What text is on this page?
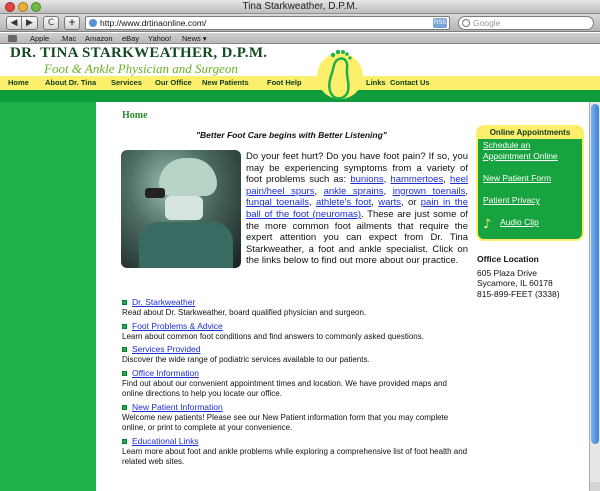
Tina Starkweather, D.P.M.
◀ ▶	C	+	http://www.drtinaonline.com/	RSS	Google
Apple .Mac Amazon eBay Yahoo! News ▾
DR. TINA STARKWEATHER, D.P.M.
Foot & Ankle Physician and Surgeon
Home About Dr. Tina Services Our Office New Patients Foot Help	Links Contact Us
Home
"Better Foot Care begins with Better Listening"
Do your feet hurt? Do you have foot pain? If so, you may be experiencing symptoms from a variety of foot problems such as: bunions, hammertoes, heel pain/heel spurs, ankle sprains, ingrown toenails, fungal toenails, athlete's foot, warts, or pain in the ball of the foot (neuromas). These are just some of the more common foot ailments that require the expert attention you can expect from Dr. Tina Starkweather, a foot and ankle specialist. Click on the links below to find out more about our practice.
Dr. Starkweather
Read about Dr. Starkweather, board qualified physician and surgeon.
Foot Problems & Advice
Learn about common foot conditions and find answers to commonly asked questions.
Services Provided
Discover the wide range of podiatric services available to our patients.
Office Information
Find out about our convenient appointment times and location. We have provided maps and online directions to help you locate our office.
New Patient Information
Welcome new patients! Please see our New Patient information form that you may complete online, or print to complete at your convenience.
Educational Links
Learn more about foot and ankle problems while exploring a comprehensive list of foot health and related web sites.
Online Appointments
Schedule an Appointment Online
New Patient Form
Patient Privacy
♪ Audio Clip
Office Location
605 Plaza Drive
Sycamore, IL 60178
815-899-FEET (3338)
